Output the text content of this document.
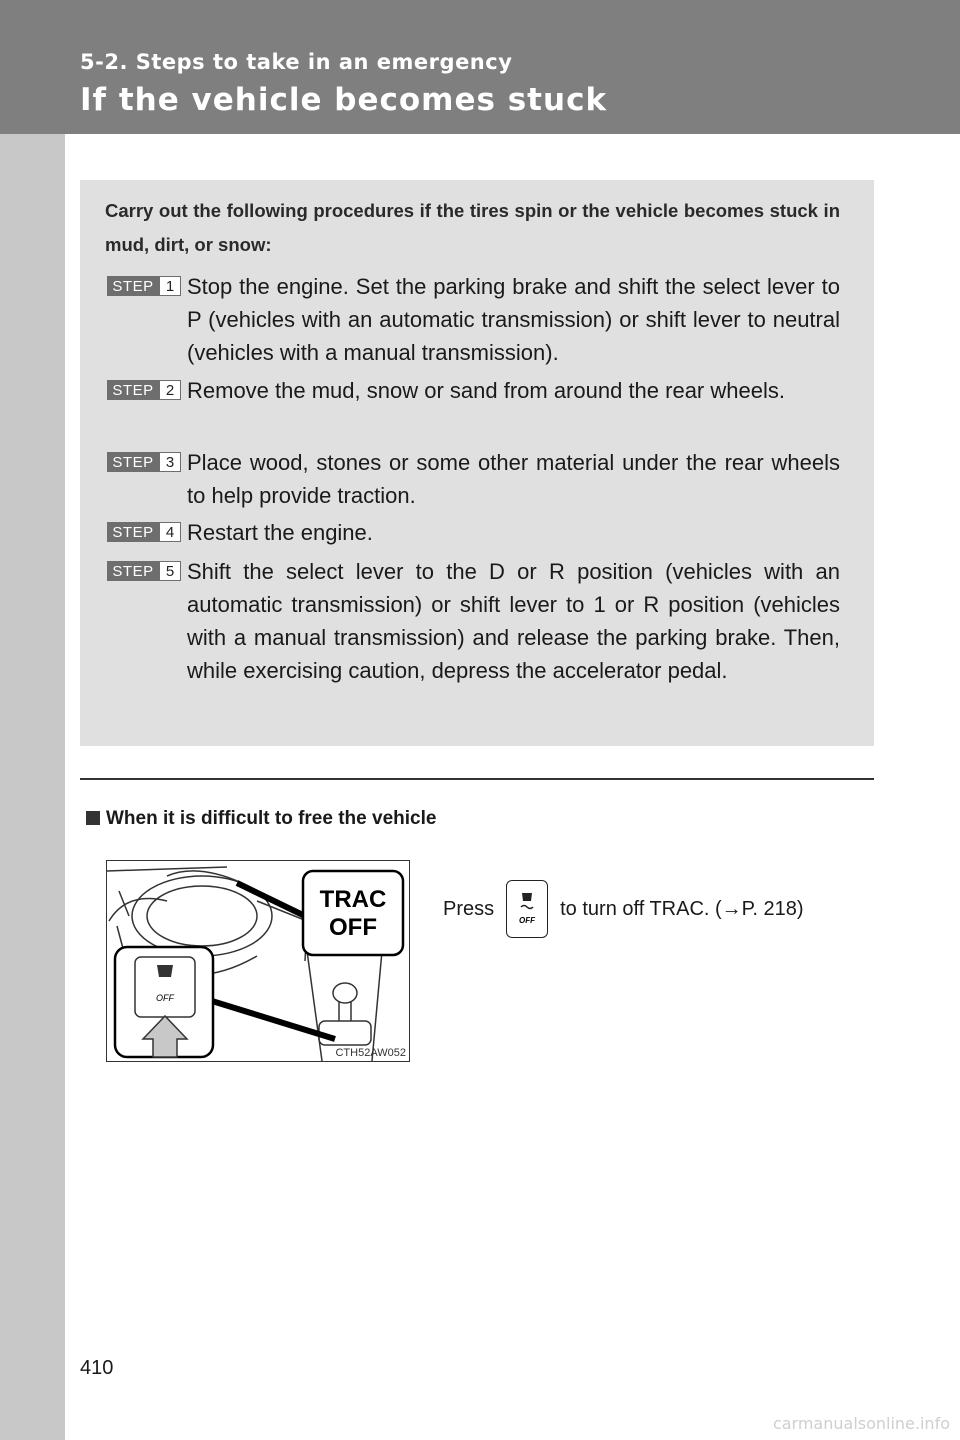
5-2. Steps to take in an emergency
If the vehicle becomes stuck
Carry out the following procedures if the tires spin or the vehicle becomes stuck in mud, dirt, or snow:
STEP 1 Stop the engine. Set the parking brake and shift the select lever to P (vehicles with an automatic transmission) or shift lever to neutral (vehicles with a manual transmission).
STEP 2 Remove the mud, snow or sand from around the rear wheels.
STEP 3 Place wood, stones or some other material under the rear wheels to help provide traction.
STEP 4 Restart the engine.
STEP 5 Shift the select lever to the D or R position (vehicles with an automatic transmission) or shift lever to 1 or R position (vehicles with a manual transmission) and release the parking brake. Then, while exercising caution, depress the accelerator pedal.
When it is difficult to free the vehicle
TRAC
OFF
OFF
CTH52AW052
Press
OFF
to turn off TRAC. (→P. 218)
410
carmanualsonline.info
